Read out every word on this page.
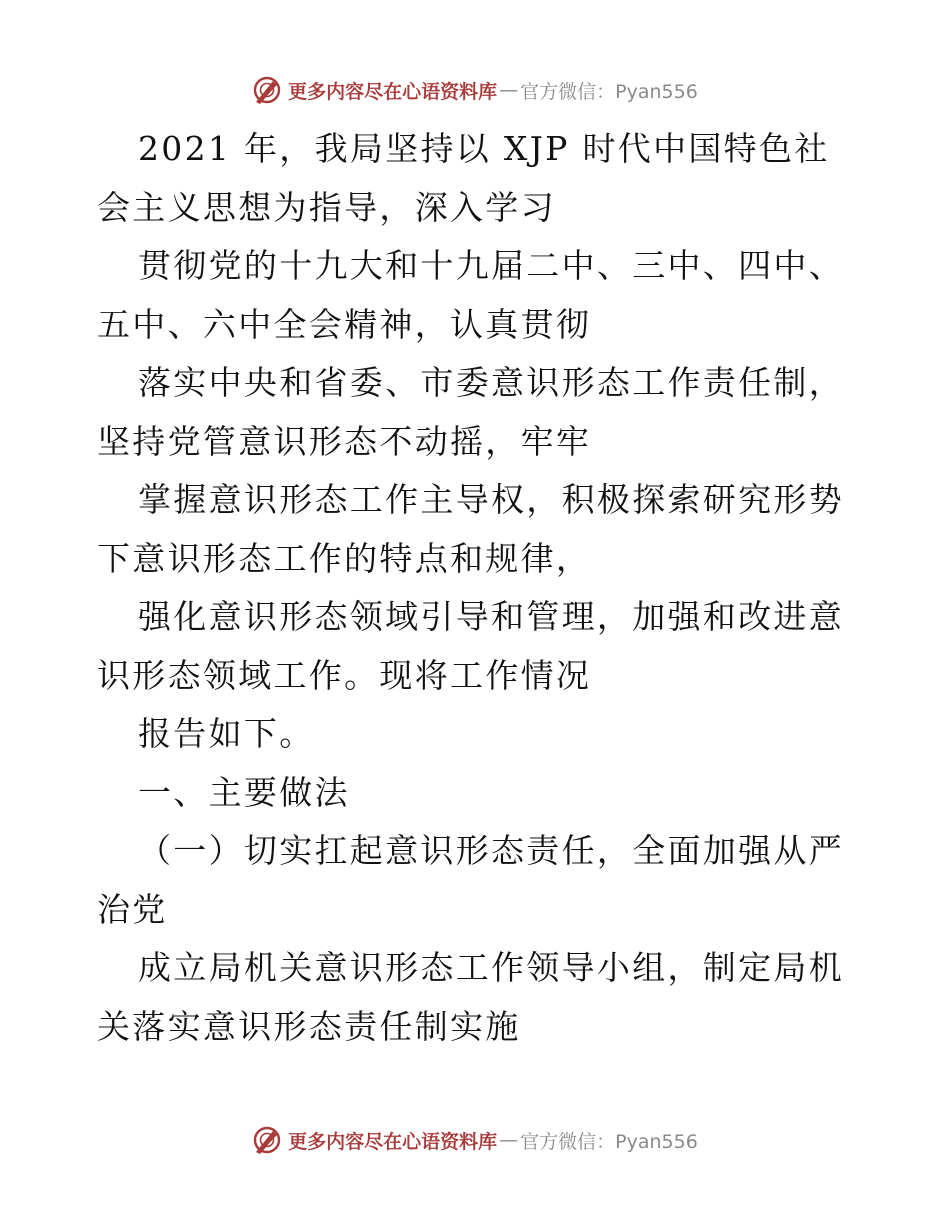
更多内容尽在心语资料库 — 官方微信：Pyan556

2021 年，我局坚持以 XJP 时代中国特色社会主义思想为指导，深入学习

贯彻党的十九大和十九届二中、三中、四中、五中、六中全会精神，认真贯彻

落实中央和省委、市委意识形态工作责任制，坚持党管意识形态不动摇，牢牢

掌握意识形态工作主导权，积极探索研究形势下意识形态工作的特点和规律，

强化意识形态领域引导和管理，加强和改进意识形态领域工作。现将工作情况

报告如下。

一、主要做法

（一）切实扛起意识形态责任，全面加强从严治党

成立局机关意识形态工作领导小组，制定局机关落实意识形态责任制实施

更多内容尽在心语资料库 — 官方微信：Pyan556
